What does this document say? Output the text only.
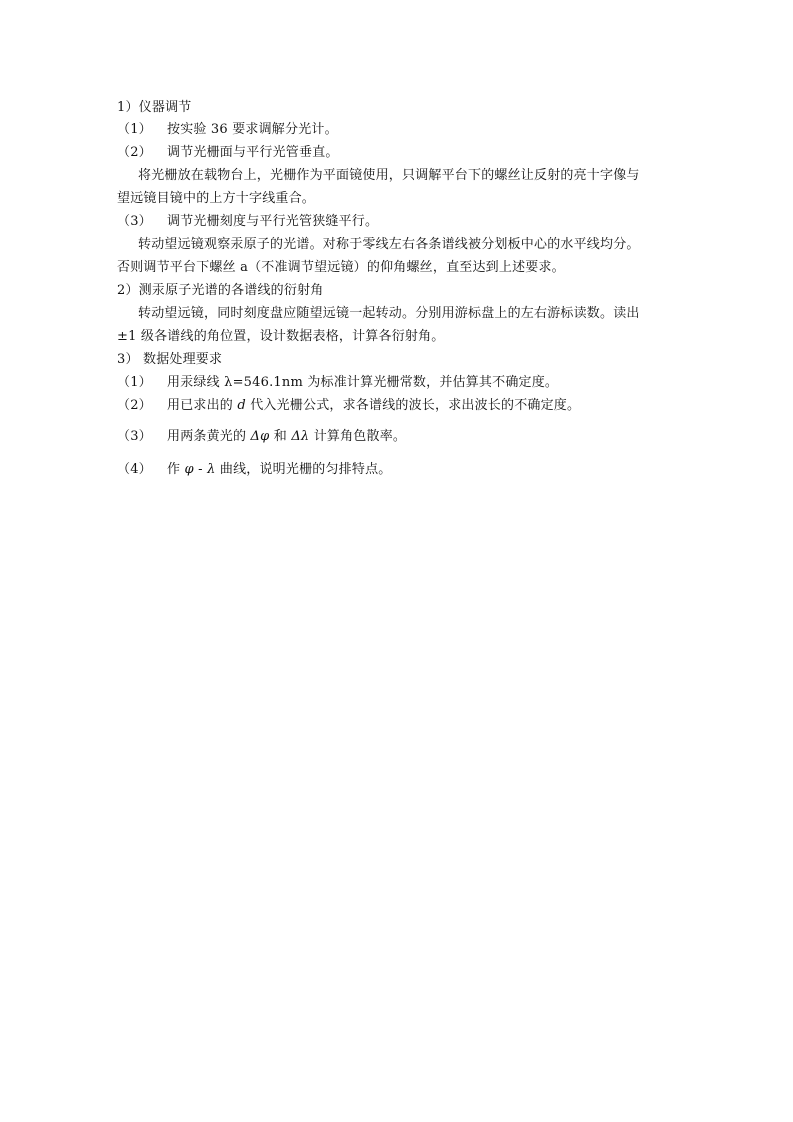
1）仪器调节
（1） 按实验 36 要求调解分光计。
（2） 调节光栅面与平行光管垂直。
将光栅放在载物台上，光栅作为平面镜使用，只调解平台下的螺丝让反射的亮十字像与
望远镜目镜中的上方十字线重合。
（3） 调节光栅刻度与平行光管狭缝平行。
转动望远镜观察汞原子的光谱。对称于零线左右各条谱线被分划板中心的水平线均分。
否则调节平台下螺丝 a（不准调节望远镜）的仰角螺丝，直至达到上述要求。
2）测汞原子光谱的各谱线的衍射角
转动望远镜，同时刻度盘应随望远镜一起转动。分别用游标盘上的左右游标读数。读出
±1 级各谱线的角位置，设计数据表格，计算各衍射角。
3） 数据处理要求
（1） 用汞绿线 λ=546.1nm 为标准计算光栅常数，并估算其不确定度。
（2） 用已求出的 d 代入光栅公式，求各谱线的波长，求出波长的不确定度。
（3） 用两条黄光的 Δφ 和 Δλ 计算角色散率。
（4） 作 φ - λ 曲线，说明光栅的匀排特点。
